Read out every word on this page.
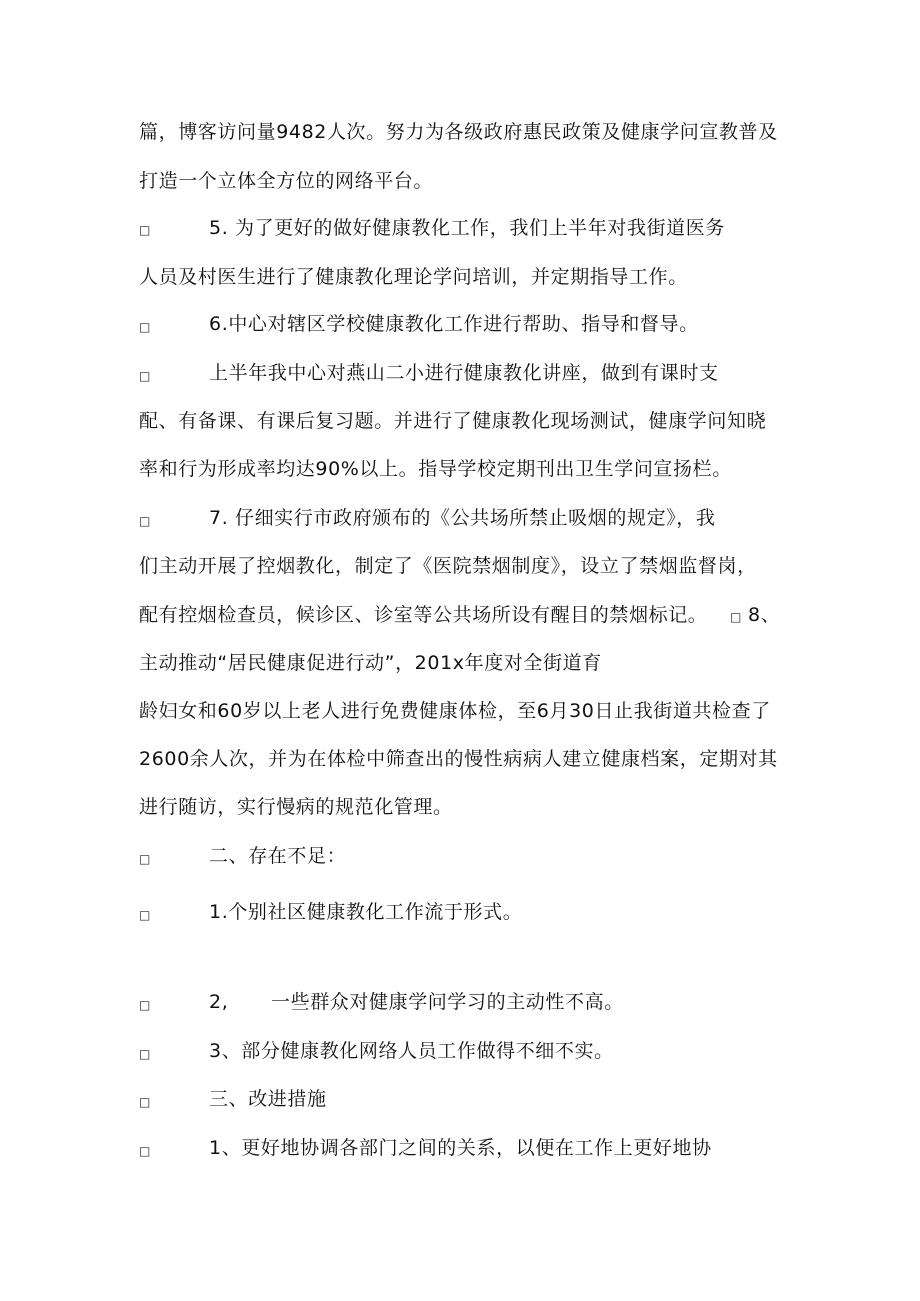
篇，博客访问量9482人次。努力为各级政府惠民政策及健康学问宣教普及
打造一个立体全方位的网络平台。
□	5. 为了更好的做好健康教化工作，我们上半年对我街道医务
人员及村医生进行了健康教化理论学问培训，并定期指导工作。
□	6.中心对辖区学校健康教化工作进行帮助、指导和督导。
□	上半年我中心对燕山二小进行健康教化讲座，做到有课时支
配、有备课、有课后复习题。并进行了健康教化现场测试，健康学问知晓
率和行为形成率均达90%以上。指导学校定期刊出卫生学问宣扬栏。
□	7. 仔细实行市政府颁布的《公共场所禁止吸烟的规定》，我
们主动开展了控烟教化，制定了《医院禁烟制度》，设立了禁烟监督岗，
配有控烟检查员，候诊区、诊室等公共场所设有醒目的禁烟标记。 □ 8、
主动推动“居民健康促进行动”，201x年度对全街道育
龄妇女和60岁以上老人进行免费健康体检，至6月30日止我街道共检查了
2600余人次，并为在体检中筛查出的慢性病病人建立健康档案，定期对其
进行随访，实行慢病的规范化管理。
□	二、存在不足：
□	1.个别社区健康教化工作流于形式。
□	2, 一些群众对健康学问学习的主动性不高。
□	3、部分健康教化网络人员工作做得不细不实。
□	三、改进措施
□	1、更好地协调各部门之间的关系，以便在工作上更好地协
